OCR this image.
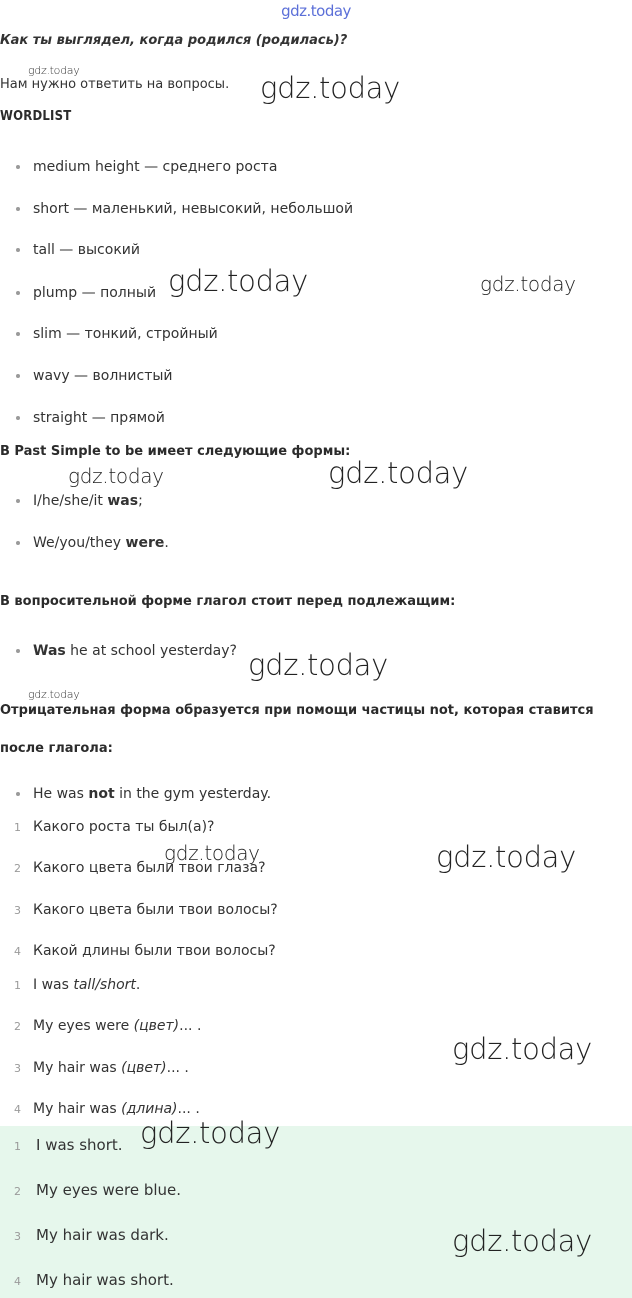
gdz.today
Как ты выглядел, когда родился (родилась)?
Нам нужно ответить на вопросы.
WORDLIST
medium height — среднего роста
short — маленький, невысокий, небольшой
tall — высокий
plump — полный
slim — тонкий, стройный
wavy — волнистый
straight — прямой
В Past Simple to be имеет следующие формы:
I/he/she/it was;
We/you/they were.
В вопросительной форме глагол стоит перед подлежащим:
Was he at school yesterday?
Отрицательная форма образуется при помощи частицы not, которая ставится после глагола:
He was not in the gym yesterday.
1 Какого роста ты был(а)?
2 Какого цвета были твои глаза?
3 Какого цвета были твои волосы?
4 Какой длины были твои волосы?
1 I was tall/short.
2 My eyes were (цвет)... .
3 My hair was (цвет)... .
4 My hair was (длина)... .
1 I was short.
2 My eyes were blue.
3 My hair was dark.
4 My hair was short.
gdz.today
gdz.today
gdz.today	gdz.today
gdz.today	gdz.today
gdz.today
gdz.today
gdz.today	gdz.today
gdz.today
gdz.today
gdz.today
